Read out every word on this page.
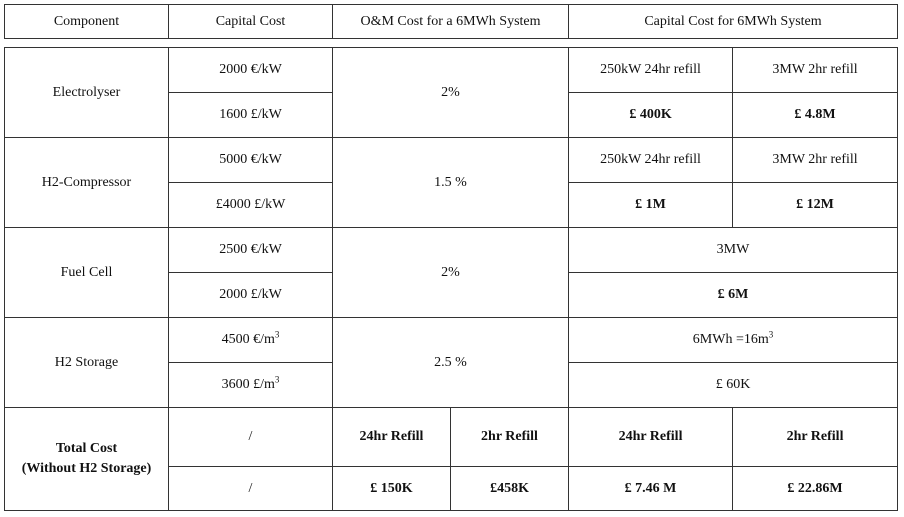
Component	Capital Cost	O&M Cost for a 6MWh System	Capital Cost for 6MWh System
Electrolyser	2000 €/kW	2%		250kW 24hr refill	3MW 2hr refill
	1600 £/kW			£ 400K	£ 4.8M
H2-Compressor	5000 €/kW	1.5 %		250kW 24hr refill	3MW 2hr refill
	£4000 £/kW			£ 1M	£ 12M
Fuel Cell	2500 €/kW	2%		3MW	
	2000 £/kW			£ 6M	
H2 Storage	4500 $€/m^3$	2.5 %		$6MWh =16m^3$
	3600 $£/m^3$			£ 60K	

Total Cost
(Without H2 Storage)	/	24hr Refill	2hr Refill	24hr Refill	2hr Refill
	/	£ 150K	£458K	£ 7.46 M	£ 22.86M
